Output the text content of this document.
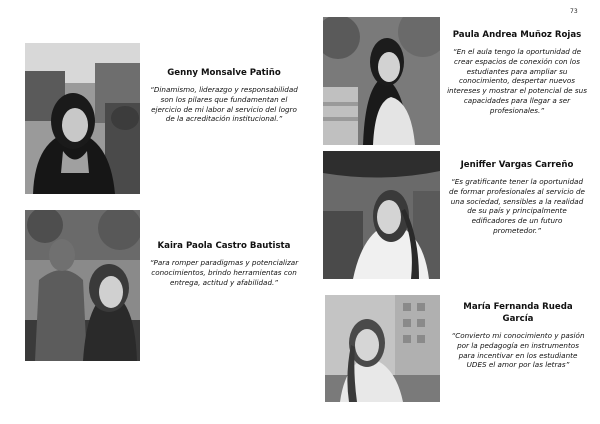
73
Genny Monsalve Patiño
“Dinamismo, liderazgo y responsabilidad son los pilares que fundamentan el ejercicio de mi labor al servicio del logro de la acreditación institucional.”
Kaira Paola Castro Bautista
“Para romper paradigmas y potencializar conocimientos, brindo herramientas con entrega, actitud y afabilidad.”
Paula Andrea Muñoz Rojas
“En el aula tengo la oportunidad de crear espacios de conexión con los estudiantes para ampliar su conocimiento, despertar nuevos intereses y mostrar el potencial de sus capacidades para llegar a ser profesionales.”
Jeniffer Vargas Carreño
“Es gratificante tener la oportunidad de formar profesionales al servicio de una sociedad, sensibles a la realidad de su país y principalmente edificadores de un futuro prometedor.”
María Fernanda Rueda García
“Convierto mi conocimiento y pasión por la pedagogía en instrumentos para incentivar en los estudiante UDES el amor por las letras”
